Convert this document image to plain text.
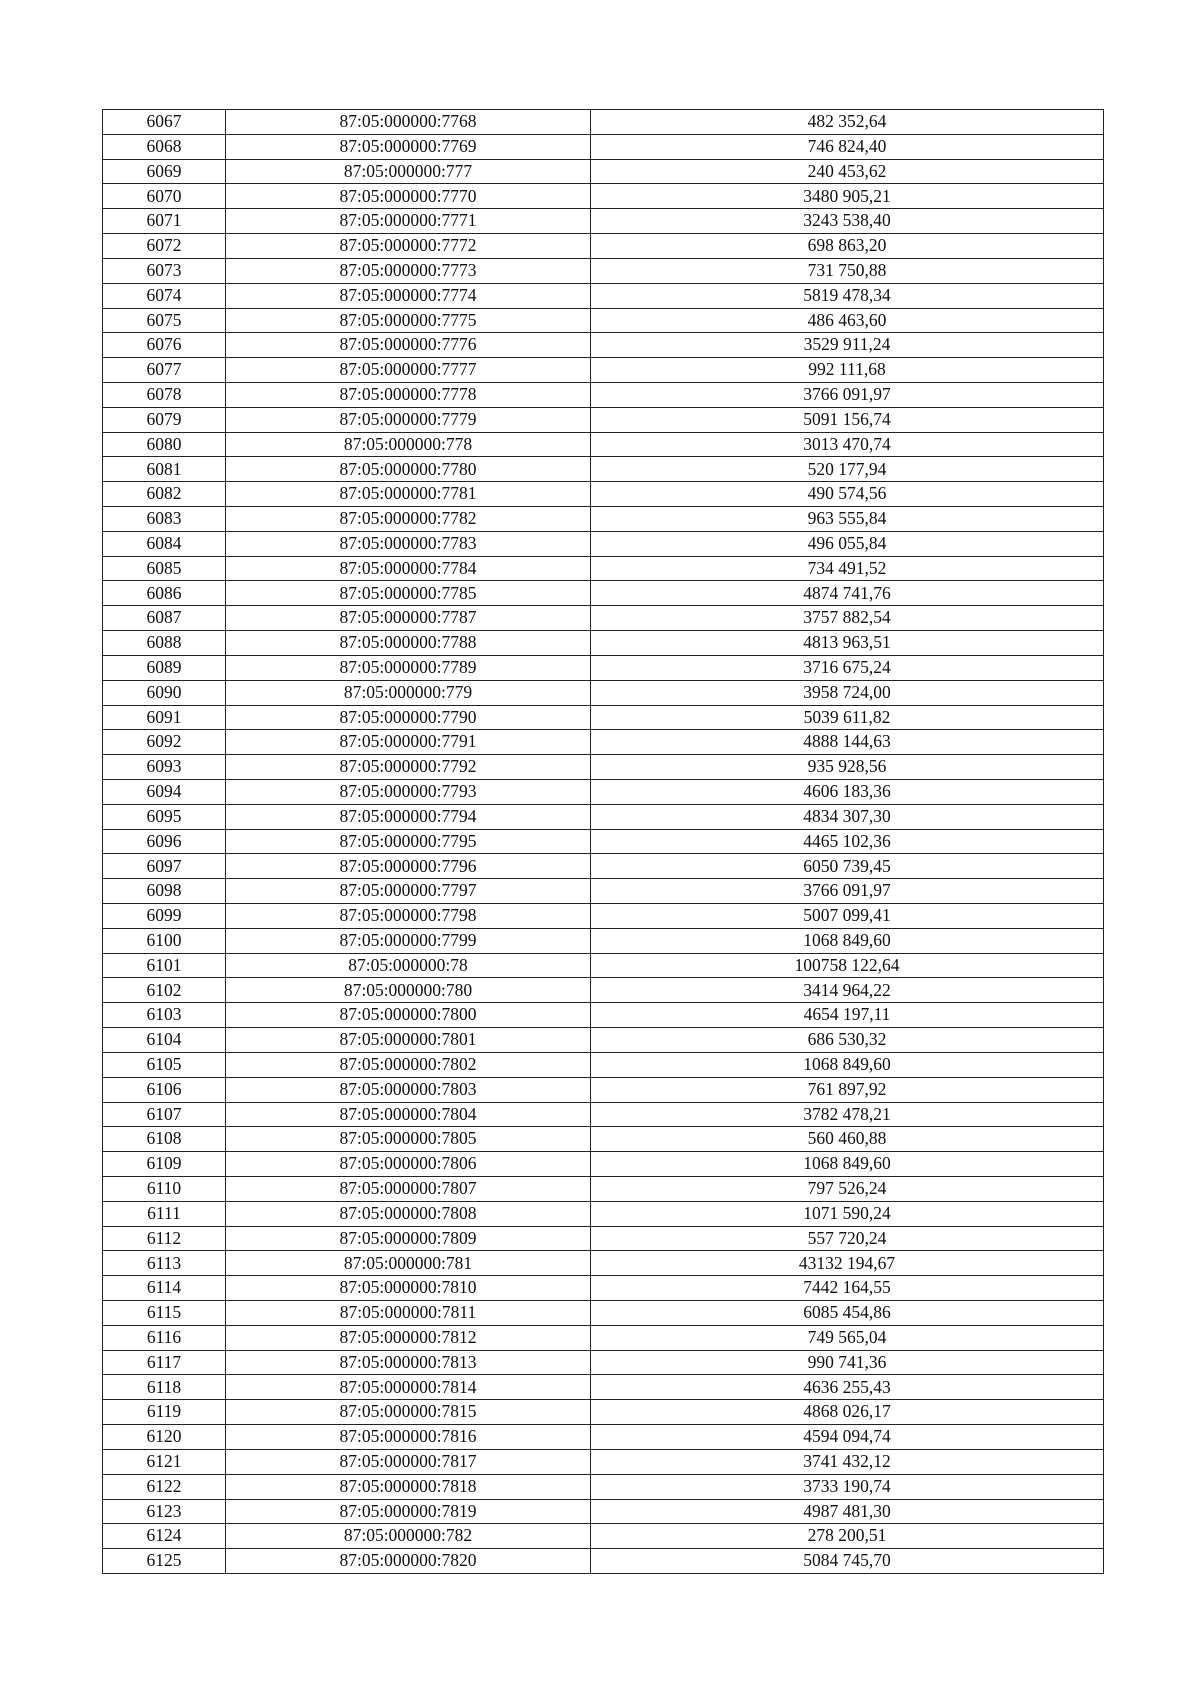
6067	87:05:000000:7768	482 352,64
6068	87:05:000000:7769	746 824,40
6069	87:05:000000:777	240 453,62
6070	87:05:000000:7770	3480 905,21
6071	87:05:000000:7771	3243 538,40
6072	87:05:000000:7772	698 863,20
6073	87:05:000000:7773	731 750,88
6074	87:05:000000:7774	5819 478,34
6075	87:05:000000:7775	486 463,60
6076	87:05:000000:7776	3529 911,24
6077	87:05:000000:7777	992 111,68
6078	87:05:000000:7778	3766 091,97
6079	87:05:000000:7779	5091 156,74
6080	87:05:000000:778	3013 470,74
6081	87:05:000000:7780	520 177,94
6082	87:05:000000:7781	490 574,56
6083	87:05:000000:7782	963 555,84
6084	87:05:000000:7783	496 055,84
6085	87:05:000000:7784	734 491,52
6086	87:05:000000:7785	4874 741,76
6087	87:05:000000:7787	3757 882,54
6088	87:05:000000:7788	4813 963,51
6089	87:05:000000:7789	3716 675,24
6090	87:05:000000:779	3958 724,00
6091	87:05:000000:7790	5039 611,82
6092	87:05:000000:7791	4888 144,63
6093	87:05:000000:7792	935 928,56
6094	87:05:000000:7793	4606 183,36
6095	87:05:000000:7794	4834 307,30
6096	87:05:000000:7795	4465 102,36
6097	87:05:000000:7796	6050 739,45
6098	87:05:000000:7797	3766 091,97
6099	87:05:000000:7798	5007 099,41
6100	87:05:000000:7799	1068 849,60
6101	87:05:000000:78	100758 122,64
6102	87:05:000000:780	3414 964,22
6103	87:05:000000:7800	4654 197,11
6104	87:05:000000:7801	686 530,32
6105	87:05:000000:7802	1068 849,60
6106	87:05:000000:7803	761 897,92
6107	87:05:000000:7804	3782 478,21
6108	87:05:000000:7805	560 460,88
6109	87:05:000000:7806	1068 849,60
6110	87:05:000000:7807	797 526,24
6111	87:05:000000:7808	1071 590,24
6112	87:05:000000:7809	557 720,24
6113	87:05:000000:781	43132 194,67
6114	87:05:000000:7810	7442 164,55
6115	87:05:000000:7811	6085 454,86
6116	87:05:000000:7812	749 565,04
6117	87:05:000000:7813	990 741,36
6118	87:05:000000:7814	4636 255,43
6119	87:05:000000:7815	4868 026,17
6120	87:05:000000:7816	4594 094,74
6121	87:05:000000:7817	3741 432,12
6122	87:05:000000:7818	3733 190,74
6123	87:05:000000:7819	4987 481,30
6124	87:05:000000:782	278 200,51
6125	87:05:000000:7820	5084 745,70
